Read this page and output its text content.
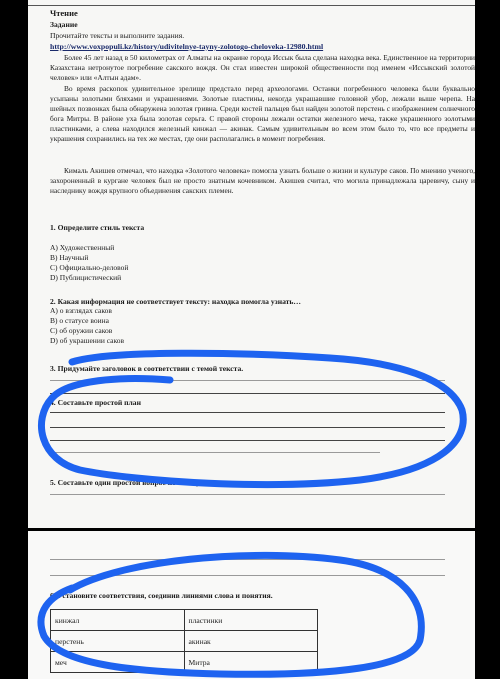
Чтение
Задание
Прочитайте тексты и выполните задания.
http://www.voxpopuli.kz/history/udivitelnye-tayny-zolotogo-cheloveka-12980.html

Более 45 лет назад в 50 километрах от Алматы на окраине города Иссык была сделана находка века. Единственное на территории Казахстана нетронутое погребение сакского вождя. Он стал известен широкой общественности под именем «Иссыкский золотой человек» или «Алтын адам».

Во время раскопок удивительное зрелище предстало перед археологами. Останки погребенного человека были буквально усыпаны золотыми бляхами и украшениями. Золотые пластины, некогда украшавшие головной убор, лежали выше черепа. На шейных позвонках была обнаружена золотая гривна. Среди костей пальцев был найден золотой перстень с изображением солнечного бога Митры. В районе уха была золотая серьга. С правой стороны лежали остатки железного меча, также украшенного золотыми пластинками, а слева находился железный кинжал — акинак. Самым удивительным во всем этом было то, что все предметы и украшения сохранились на тех же местах, где они располагались в момент погребения.

Кималь Акишев отмечал, что находка «Золотого человека» помогла узнать больше о жизни и культуре саков. По мнению ученого, захороненный в кургане человек был не просто знатным кочевником. Акишев считал, что могила принадлежала царевичу, сыну и наследнику вождя крупного объединения сакских племен.

1. Определите стиль текста
А) Художественный
В) Научный
С) Официально-деловой
D) Публицистический
2. Какая информация не соответствует тексту: находка помогла узнать…
А) о взглядах саков
В) о статусе воина
С) об оружии саков
D) об украшении саков
3. Придумайте заголовок в соответствии с темой текста.
4. Составьте простой план
5. Составьте один простой вопрос по тексту
6. Установите соответствия, соединив линиями слова и понятия.
кинжал	пластинки
перстень	акинак
меч	Митра
